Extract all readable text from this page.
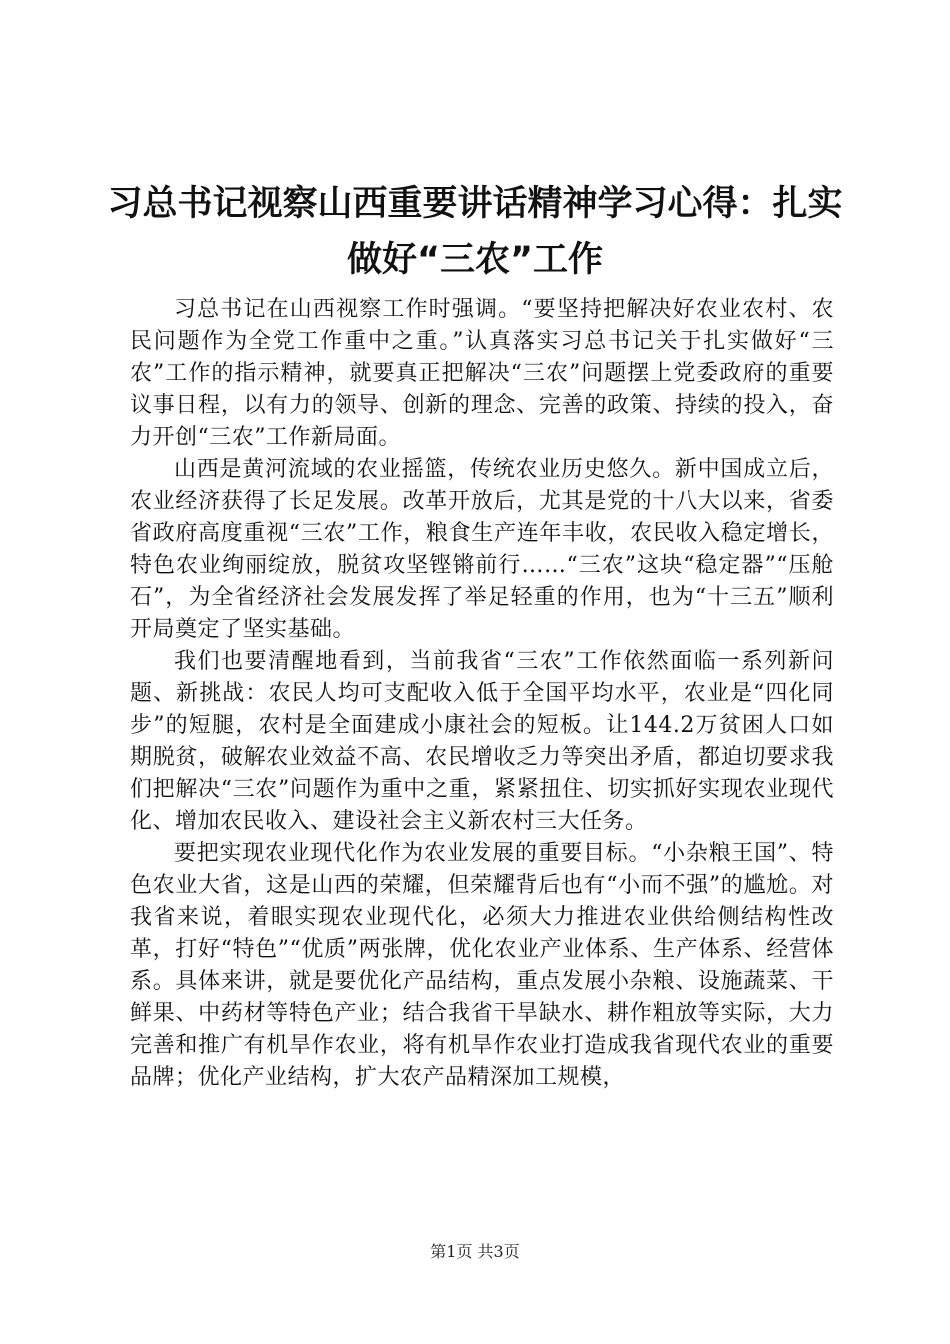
习总书记视察山西重要讲话精神学习心得：扎实做好“三农”工作

习总书记在山西视察工作时强调。“要坚持把解决好农业农村、农民问题作为全党工作重中之重。”认真落实习总书记关于扎实做好“三农”工作的指示精神，就要真正把解决“三农”问题摆上党委政府的重要议事日程，以有力的领导、创新的理念、完善的政策、持续的投入，奋力开创“三农”工作新局面。

山西是黄河流域的农业摇篮，传统农业历史悠久。新中国成立后，农业经济获得了长足发展。改革开放后，尤其是党的十八大以来，省委省政府高度重视“三农”工作，粮食生产连年丰收，农民收入稳定增长，特色农业绚丽绽放，脱贫攻坚铿锵前行……“三农”这块“稳定器”“压舱石”，为全省经济社会发展发挥了举足轻重的作用，也为“十三五”顺利开局奠定了坚实基础。

我们也要清醒地看到，当前我省“三农”工作依然面临一系列新问题、新挑战：农民人均可支配收入低于全国平均水平，农业是“四化同步”的短腿，农村是全面建成小康社会的短板。让144.2万贫困人口如期脱贫，破解农业效益不高、农民增收乏力等突出矛盾，都迫切要求我们把解决“三农”问题作为重中之重，紧紧扭住、切实抓好实现农业现代化、增加农民收入、建设社会主义新农村三大任务。

要把实现农业现代化作为农业发展的重要目标。“小杂粮王国”、特色农业大省，这是山西的荣耀，但荣耀背后也有“小而不强”的尴尬。对我省来说，着眼实现农业现代化，必须大力推进农业供给侧结构性改革，打好“特色”“优质”两张牌，优化农业产业体系、生产体系、经营体系。具体来讲，就是要优化产品结构，重点发展小杂粮、设施蔬菜、干鲜果、中药材等特色产业；结合我省干旱缺水、耕作粗放等实际，大力完善和推广有机旱作农业，将有机旱作农业打造成我省现代农业的重要品牌；优化产业结构，扩大农产品精深加工规模，

第1页 共3页
